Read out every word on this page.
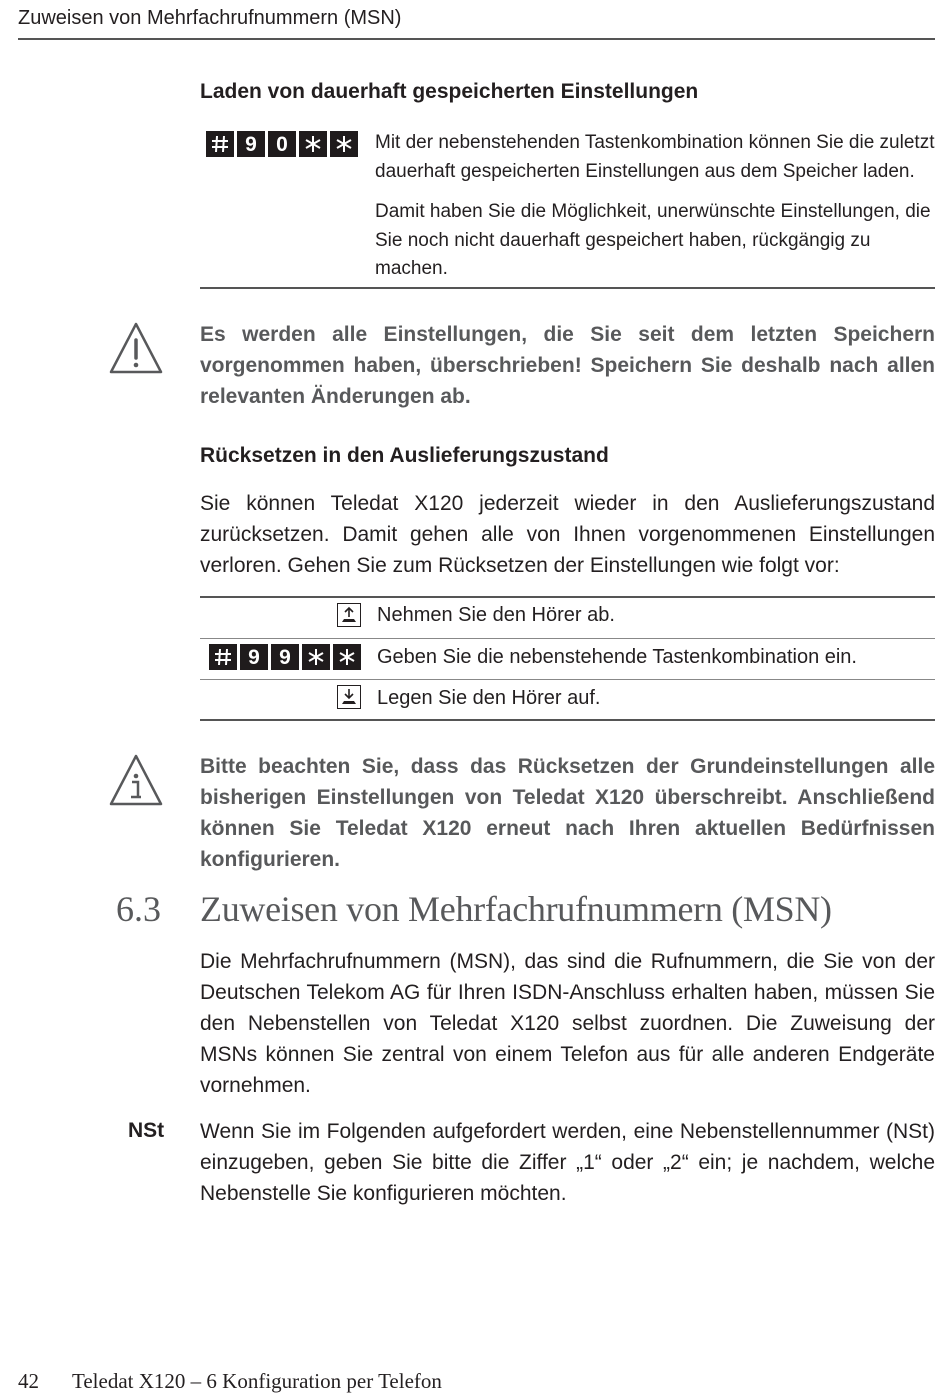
Zuweisen von Mehrfachrufnummern (MSN)
Laden von dauerhaft gespeicherten Einstellungen
9 0	Mit der nebenstehenden Tastenkombination können Sie die zuletzt dauerhaft gespeicherten Einstellungen aus dem Speicher laden.
Damit haben Sie die Möglichkeit, unerwünschte Einstellungen, die Sie noch nicht dauerhaft gespeichert haben, rückgängig zu machen.
Es werden alle Einstellungen, die Sie seit dem letzten Speichern vorgenommen haben, überschrieben! Speichern Sie deshalb nach allen relevanten Änderungen ab.
Rücksetzen in den Auslieferungszustand
Sie können Teledat X120 jederzeit wieder in den Auslieferungszustand zurücksetzen. Damit gehen alle von Ihnen vorgenommenen Einstellungen verloren. Gehen Sie zum Rücksetzen der Einstellungen wie folgt vor:
Nehmen Sie den Hörer ab.
9 9	Geben Sie die nebenstehende Tastenkombination ein.
Legen Sie den Hörer auf.
Bitte beachten Sie, dass das Rücksetzen der Grundeinstellungen alle bisherigen Einstellungen von Teledat X120 überschreibt. Anschließend können Sie Teledat X120 erneut nach Ihren aktuellen Bedürfnissen konfigurieren.
6.3 Zuweisen von Mehrfachrufnummern (MSN)
Die Mehrfachrufnummern (MSN), das sind die Rufnummern, die Sie von der Deutschen Telekom AG für Ihren ISDN-Anschluss erhalten haben, müssen Sie den Nebenstellen von Teledat X120 selbst zuordnen. Die Zuweisung der MSNs können Sie zentral von einem Telefon aus für alle anderen Endgeräte vornehmen.
NSt Wenn Sie im Folgenden aufgefordert werden, eine Nebenstellennummer (NSt) einzugeben, geben Sie bitte die Ziffer „1“ oder „2“ ein; je nachdem, welche Nebenstelle Sie konfigurieren möchten.
42 Teledat X120 – 6 Konfiguration per Telefon
